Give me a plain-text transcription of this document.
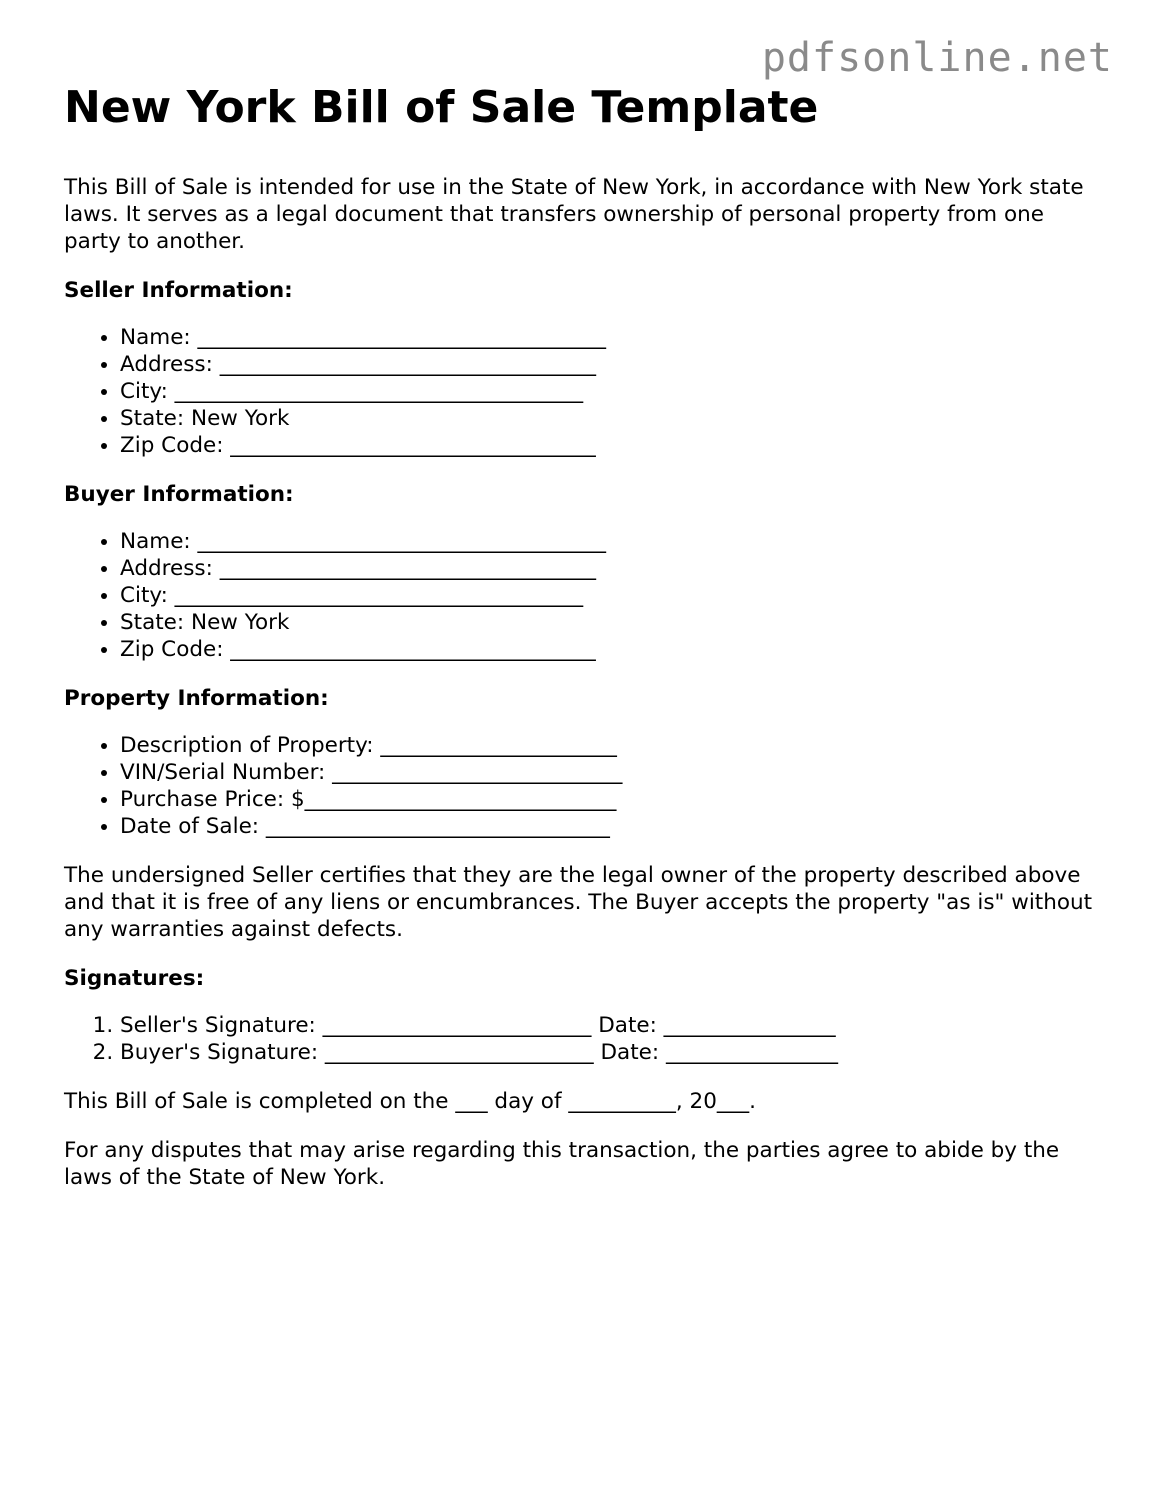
pdfsonline.net
New York Bill of Sale Template

This Bill of Sale is intended for use in the State of New York, in accordance with New York state laws. It serves as a legal document that transfers ownership of personal property from one party to another.

Seller Information:
• Name: ______________________________________
• Address: ___________________________________
• City: ______________________________________
• State: New York
• Zip Code: __________________________________
Buyer Information:
• Name: ______________________________________
• Address: ___________________________________
• City: ______________________________________
• State: New York
• Zip Code: __________________________________
Property Information:
• Description of Property: ______________________
• VIN/Serial Number: ___________________________
• Purchase Price: $_____________________________
• Date of Sale: ________________________________

The undersigned Seller certifies that they are the legal owner of the property described above and that it is free of any liens or encumbrances. The Buyer accepts the property "as is" without any warranties against defects.

Signatures:
1. Seller's Signature: _________________________ Date: ________________
2. Buyer's Signature: _________________________ Date: ________________

This Bill of Sale is completed on the ___ day of __________, 20___.

For any disputes that may arise regarding this transaction, the parties agree to abide by the laws of the State of New York.
